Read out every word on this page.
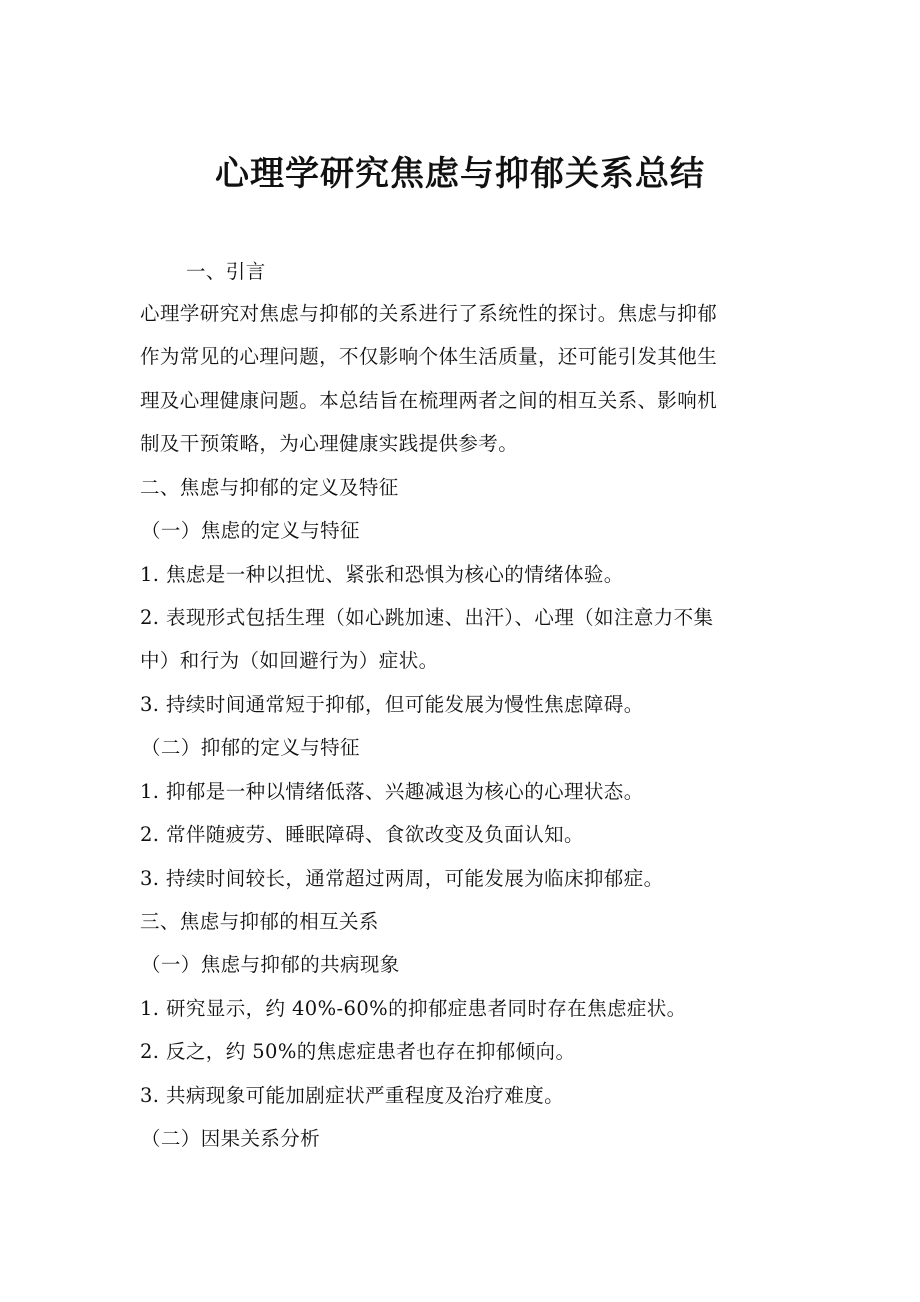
心理学研究焦虑与抑郁关系总结

一、引言

心理学研究对焦虑与抑郁的关系进行了系统性的探讨。焦虑与抑郁

作为常见的心理问题，不仅影响个体生活质量，还可能引发其他生

理及心理健康问题。本总结旨在梳理两者之间的相互关系、影响机

制及干预策略，为心理健康实践提供参考。

二、焦虑与抑郁的定义及特征

（一）焦虑的定义与特征

1. 焦虑是一种以担忧、紧张和恐惧为核心的情绪体验。

2. 表现形式包括生理（如心跳加速、出汗）、心理（如注意力不集

中）和行为（如回避行为）症状。

3. 持续时间通常短于抑郁，但可能发展为慢性焦虑障碍。

（二）抑郁的定义与特征

1. 抑郁是一种以情绪低落、兴趣减退为核心的心理状态。

2. 常伴随疲劳、睡眠障碍、食欲改变及负面认知。

3. 持续时间较长，通常超过两周，可能发展为临床抑郁症。

三、焦虑与抑郁的相互关系

（一）焦虑与抑郁的共病现象

1. 研究显示，约 40%-60%的抑郁症患者同时存在焦虑症状。

2. 反之，约 50%的焦虑症患者也存在抑郁倾向。

3. 共病现象可能加剧症状严重程度及治疗难度。

（二）因果关系分析
